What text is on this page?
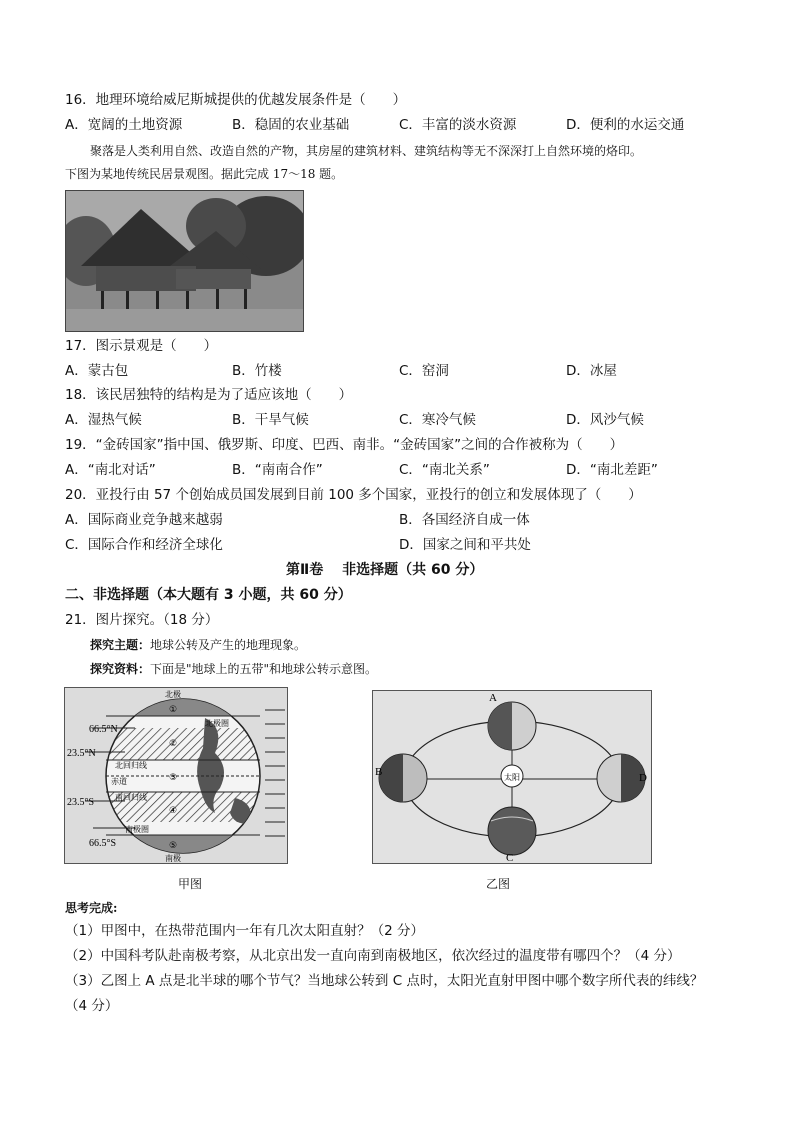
16．地理环境给威尼斯城提供的优越发展条件是（　　）
A．宽阔的土地资源	B．稳固的农业基础	C．丰富的淡水资源	D．便利的水运交通
聚落是人类利用自然、改造自然的产物，其房屋的建筑材料、建筑结构等无不深深打上自然环境的烙印。
下图为某地传统民居景观图。据此完成 17～18 题。
17．图示景观是（　　）
A．蒙古包	B．竹楼	C．窑洞	D．冰屋
18．该民居独特的结构是为了适应该地（　　）
A．湿热气候	B．干旱气候	C．寒冷气候	D．风沙气候
19．“金砖国家”指中国、俄罗斯、印度、巴西、南非。“金砖国家”之间的合作被称为（　　）
A．“南北对话”	B．“南南合作”	C．“南北关系”	D．“南北差距”
20．亚投行由 57 个创始成员国发展到目前 100 多个国家，亚投行的创立和发展体现了（　　）
A．国际商业竞争越来越弱	B．各国经济自成一体
C．国际合作和经济全球化	D．国家之间和平共处
第Ⅱ卷　 非选择题（共 60 分）
二、非选择题（本大题有 3 小题，共 60 分）
21．图片探究。（18 分）
探究主题：地球公转及产生的地理现象。
探究资料：下面是"地球上的五带"和地球公转示意图。
66.5°N
23.5°N
23.5°S
66.5°S
北极
北极圈
北回归线
赤道
南回归线
南极圈
南极
①
②
③
④
⑤
甲图
太阳
A
B
C
D
乙图
思考完成:
（1）甲图中，在热带范围内一年有几次太阳直射？（2 分）
（2）中国科考队赴南极考察，从北京出发一直向南到南极地区，依次经过的温度带有哪四个？（4 分）
（3）乙图上 A 点是北半球的哪个节气？当地球公转到 C 点时，太阳光直射甲图中哪个数字所代表的纬线？
（4 分）
